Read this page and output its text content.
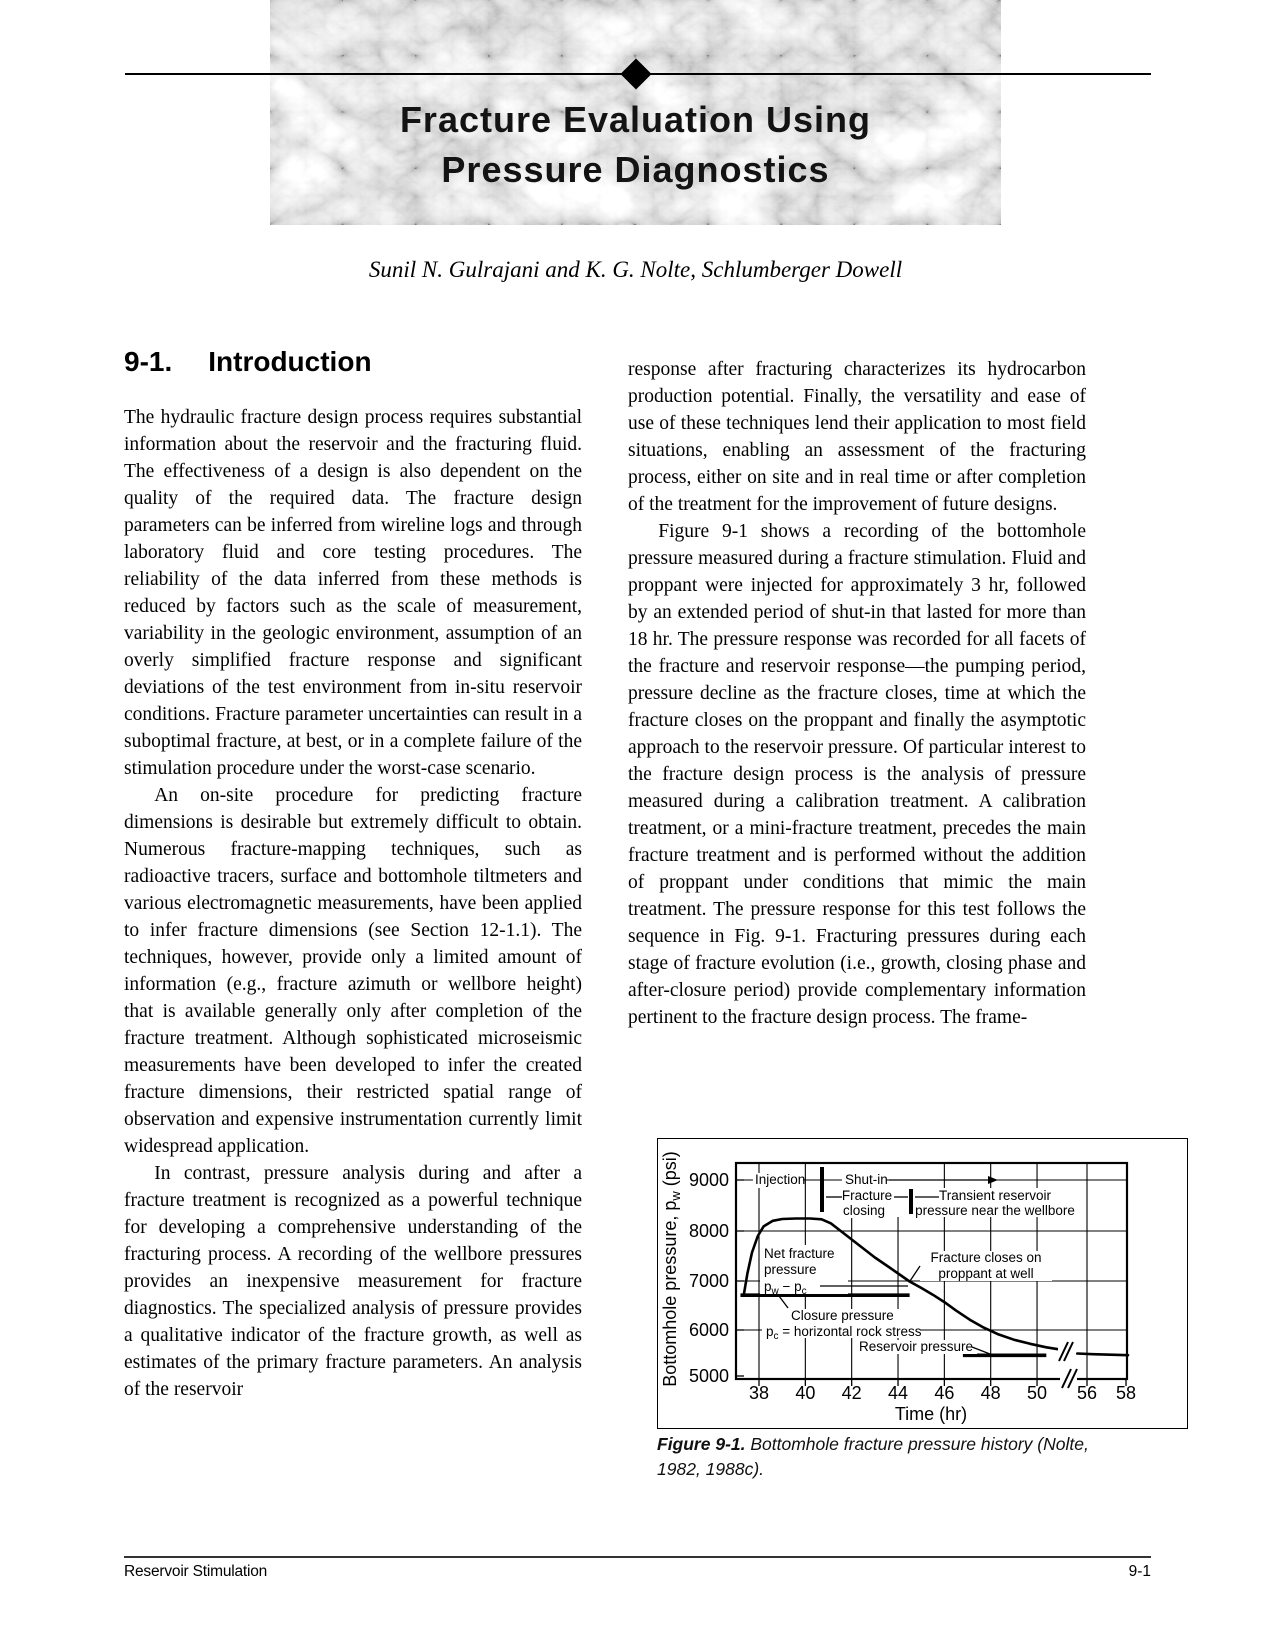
Fracture Evaluation Using
Pressure Diagnostics
Sunil N. Gulrajani and K. G. Nolte, Schlumberger Dowell
9-1. Introduction

The hydraulic fracture design process requires substantial information about the reservoir and the fracturing fluid. The effectiveness of a design is also dependent on the quality of the required data. The fracture design parameters can be inferred from wireline logs and through laboratory fluid and core testing procedures. The reliability of the data inferred from these methods is reduced by factors such as the scale of measurement, variability in the geologic environment, assumption of an overly simplified fracture response and significant deviations of the test environment from in-situ reservoir conditions. Fracture parameter uncertainties can result in a suboptimal fracture, at best, or in a complete failure of the stimulation procedure under the worst-case scenario.

An on-site procedure for predicting fracture dimensions is desirable but extremely difficult to obtain. Numerous fracture-mapping techniques, such as radioactive tracers, surface and bottomhole tiltmeters and various electromagnetic measurements, have been applied to infer fracture dimensions (see Section 12-1.1). The techniques, however, provide only a limited amount of information (e.g., fracture azimuth or wellbore height) that is available generally only after completion of the fracture treatment. Although sophisticated microseismic measurements have been developed to infer the created fracture dimensions, their restricted spatial range of observation and expensive instrumentation currently limit widespread application.

In contrast, pressure analysis during and after a fracture treatment is recognized as a powerful technique for developing a comprehensive understanding of the fracturing process. A recording of the wellbore pressures provides an inexpensive measurement for fracture diagnostics. The specialized analysis of pressure provides a qualitative indicator of the fracture growth, as well as estimates of the primary fracture parameters. An analysis of the reservoir

response after fracturing characterizes its hydrocarbon production potential. Finally, the versatility and ease of use of these techniques lend their application to most field situations, enabling an assessment of the fracturing process, either on site and in real time or after completion of the treatment for the improvement of future designs.

Figure 9-1 shows a recording of the bottomhole pressure measured during a fracture stimulation. Fluid and proppant were injected for approximately 3 hr, followed by an extended period of shut-in that lasted for more than 18 hr. The pressure response was recorded for all facets of the fracture and reservoir response—the pumping period, pressure decline as the fracture closes, time at which the fracture closes on the proppant and finally the asymptotic approach to the reservoir pressure. Of particular interest to the fracture design process is the analysis of pressure measured during a calibration treatment. A calibration treatment, or a mini-fracture treatment, precedes the main fracture treatment and is performed without the addition of proppant under conditions that mimic the main treatment. The pressure response for this test follows the sequence in Fig. 9-1. Fracturing pressures during each stage of fracture evolution (i.e., growth, closing phase and after-closure period) provide complementary information pertinent to the fracture design process. The frame-

Injection	Shut-in
Fracture
closing
Transient reservoir
pressure near the wellbore
Net fracture
pressure
$p_w - p_c$
Closure pressure
$p_c$ = horizontal rock stress
Fracture closes on
proppant at well
Reservoir pressure
Time (hr)
Bottomhole pressure, $p_w$ (psi)
38 40 42 44 46 48 50 56 58
9000
8000
7000
6000
5000
Figure 9-1. Bottomhole fracture pressure history (Nolte, 1982, 1988c).
Reservoir Stimulation	9-1
